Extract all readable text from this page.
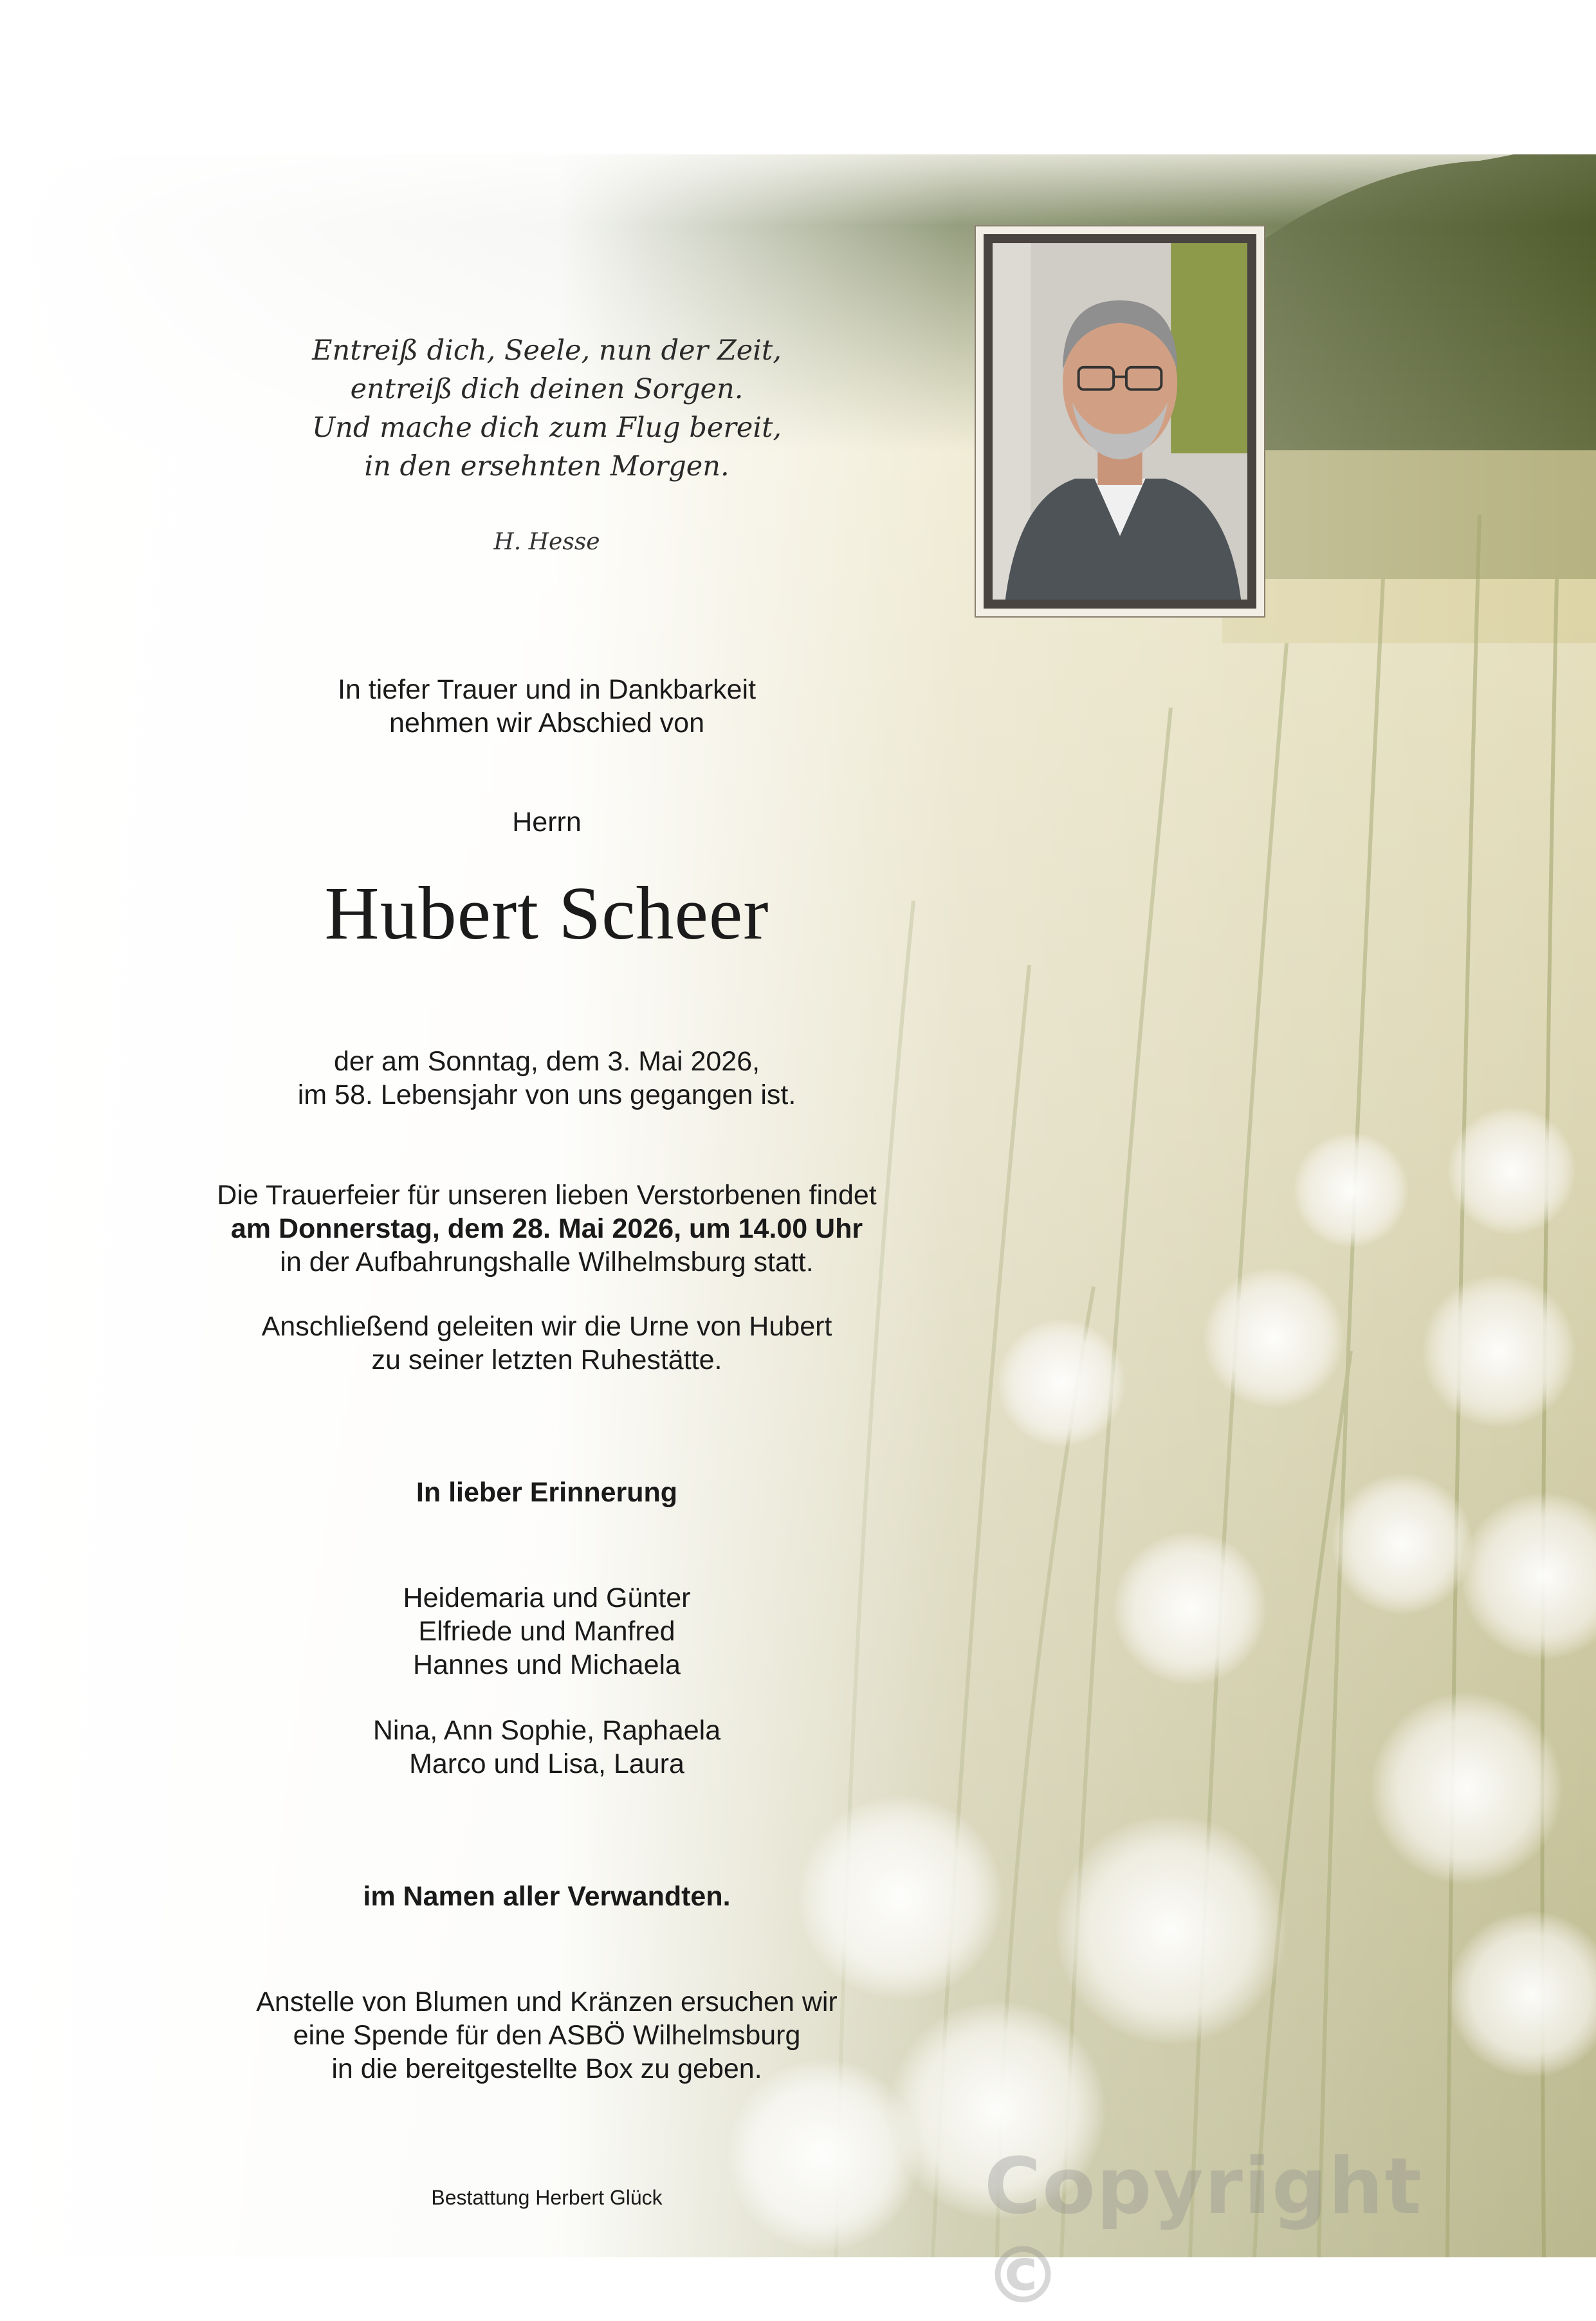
Entreiß dich, Seele, nun der Zeit,
entreiß dich deinen Sorgen.
Und mache dich zum Flug bereit,
in den ersehnten Morgen.
H. Hesse
In tiefer Trauer und in Dankbarkeit
nehmen wir Abschied von
Herrn
Hubert Scheer
der am Sonntag, dem 3. Mai 2026,
im 58. Lebensjahr von uns gegangen ist.
Die Trauerfeier für unseren lieben Verstorbenen findet
am Donnerstag, dem 28. Mai 2026, um 14.00 Uhr
in der Aufbahrungshalle Wilhelmsburg statt.
Anschließend geleiten wir die Urne von Hubert
zu seiner letzten Ruhestätte.
In lieber Erinnerung
Heidemaria und Günter
Elfriede und Manfred
Hannes und Michaela
Nina, Ann Sophie, Raphaela
Marco und Lisa, Laura
im Namen aller Verwandten.
Anstelle von Blumen und Kränzen ersuchen wir
eine Spende für den ASBÖ Wilhelmsburg
in die bereitgestellte Box zu geben.
Bestattung Herbert Glück	Copyright ©
